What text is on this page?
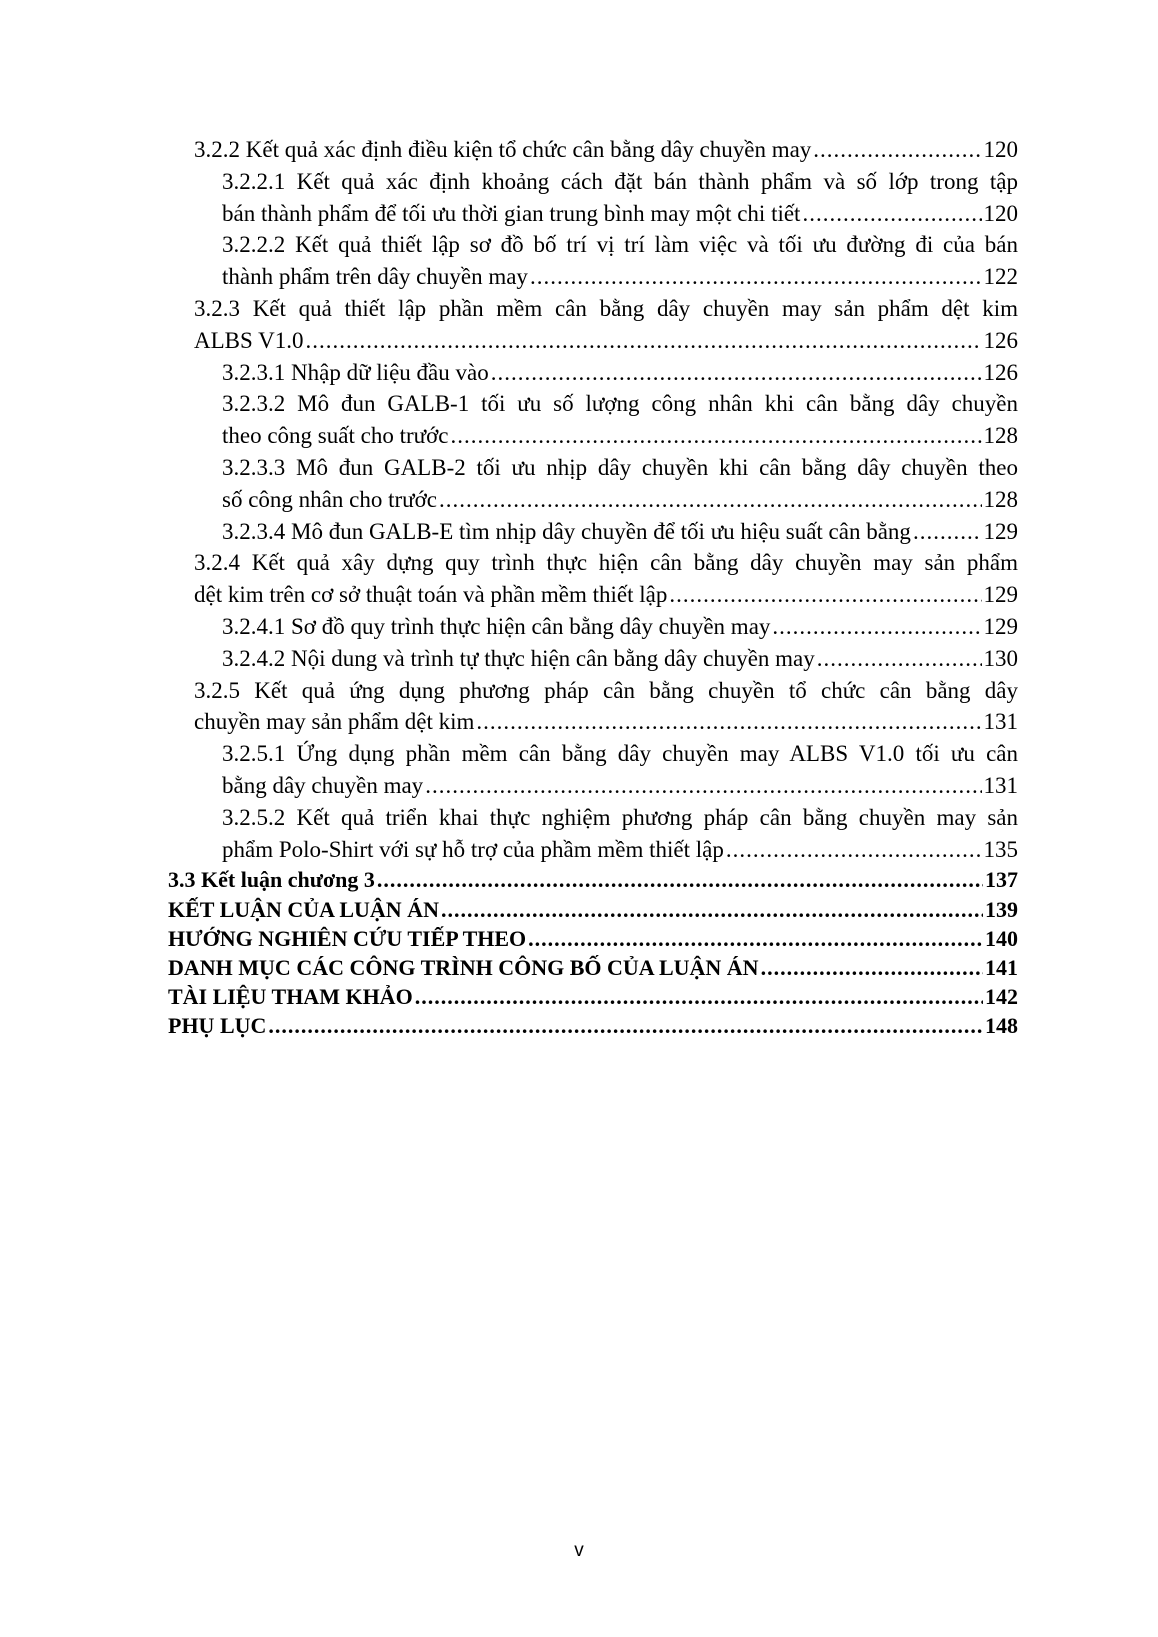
3.2.2 Kết quả xác định điều kiện tổ chức cân bằng dây chuyền may .....	120
3.2.2.1 Kết quả xác định khoảng cách đặt bán thành phẩm và số lớp trong tập
bán thành phẩm để tối ưu thời gian trung bình may một chi tiết .....	120
3.2.2.2 Kết quả thiết lập sơ đồ bố trí vị trí làm việc và tối ưu đường đi của bán
thành phẩm trên dây chuyền may .....	122
3.2.3 Kết quả thiết lập phần mềm cân bằng dây chuyền may sản phẩm dệt kim
ALBS V1.0 .....	126
3.2.3.1 Nhập dữ liệu đầu vào .....	126
3.2.3.2 Mô đun GALB-1 tối ưu số lượng công nhân khi cân bằng dây chuyền
theo công suất cho trước .....	128
3.2.3.3 Mô đun GALB-2 tối ưu nhịp dây chuyền khi cân bằng dây chuyền theo
số công nhân cho trước .....	128
3.2.3.4 Mô đun GALB-E tìm nhịp dây chuyền để tối ưu hiệu suất cân bằng .....	129
3.2.4 Kết quả xây dựng quy trình thực hiện cân bằng dây chuyền may sản phẩm
dệt kim trên cơ sở thuật toán và phần mềm thiết lập .....	129
3.2.4.1 Sơ đồ quy trình thực hiện cân bằng dây chuyền may .....	129
3.2.4.2 Nội dung và trình tự thực hiện cân bằng dây chuyền may .....	130
3.2.5 Kết quả ứng dụng phương pháp cân bằng chuyền tổ chức cân bằng dây
chuyền may sản phẩm dệt kim .....	131
3.2.5.1 Ứng dụng phần mềm cân bằng dây chuyền may ALBS V1.0 tối ưu cân
bằng dây chuyền may .....	131
3.2.5.2 Kết quả triển khai thực nghiệm phương pháp cân bằng chuyền may sản
phẩm Polo-Shirt với sự hỗ trợ của phầm mềm thiết lập .....	135
3.3 Kết luận chương 3 .....	137
KẾT LUẬN CỦA LUẬN ÁN .....	139
HƯỚNG NGHIÊN CỨU TIẾP THEO .....	140
DANH MỤC CÁC CÔNG TRÌNH CÔNG BỐ CỦA LUẬN ÁN .....	141
TÀI LIỆU THAM KHẢO .....	142
PHỤ LỤC .....	148
v
